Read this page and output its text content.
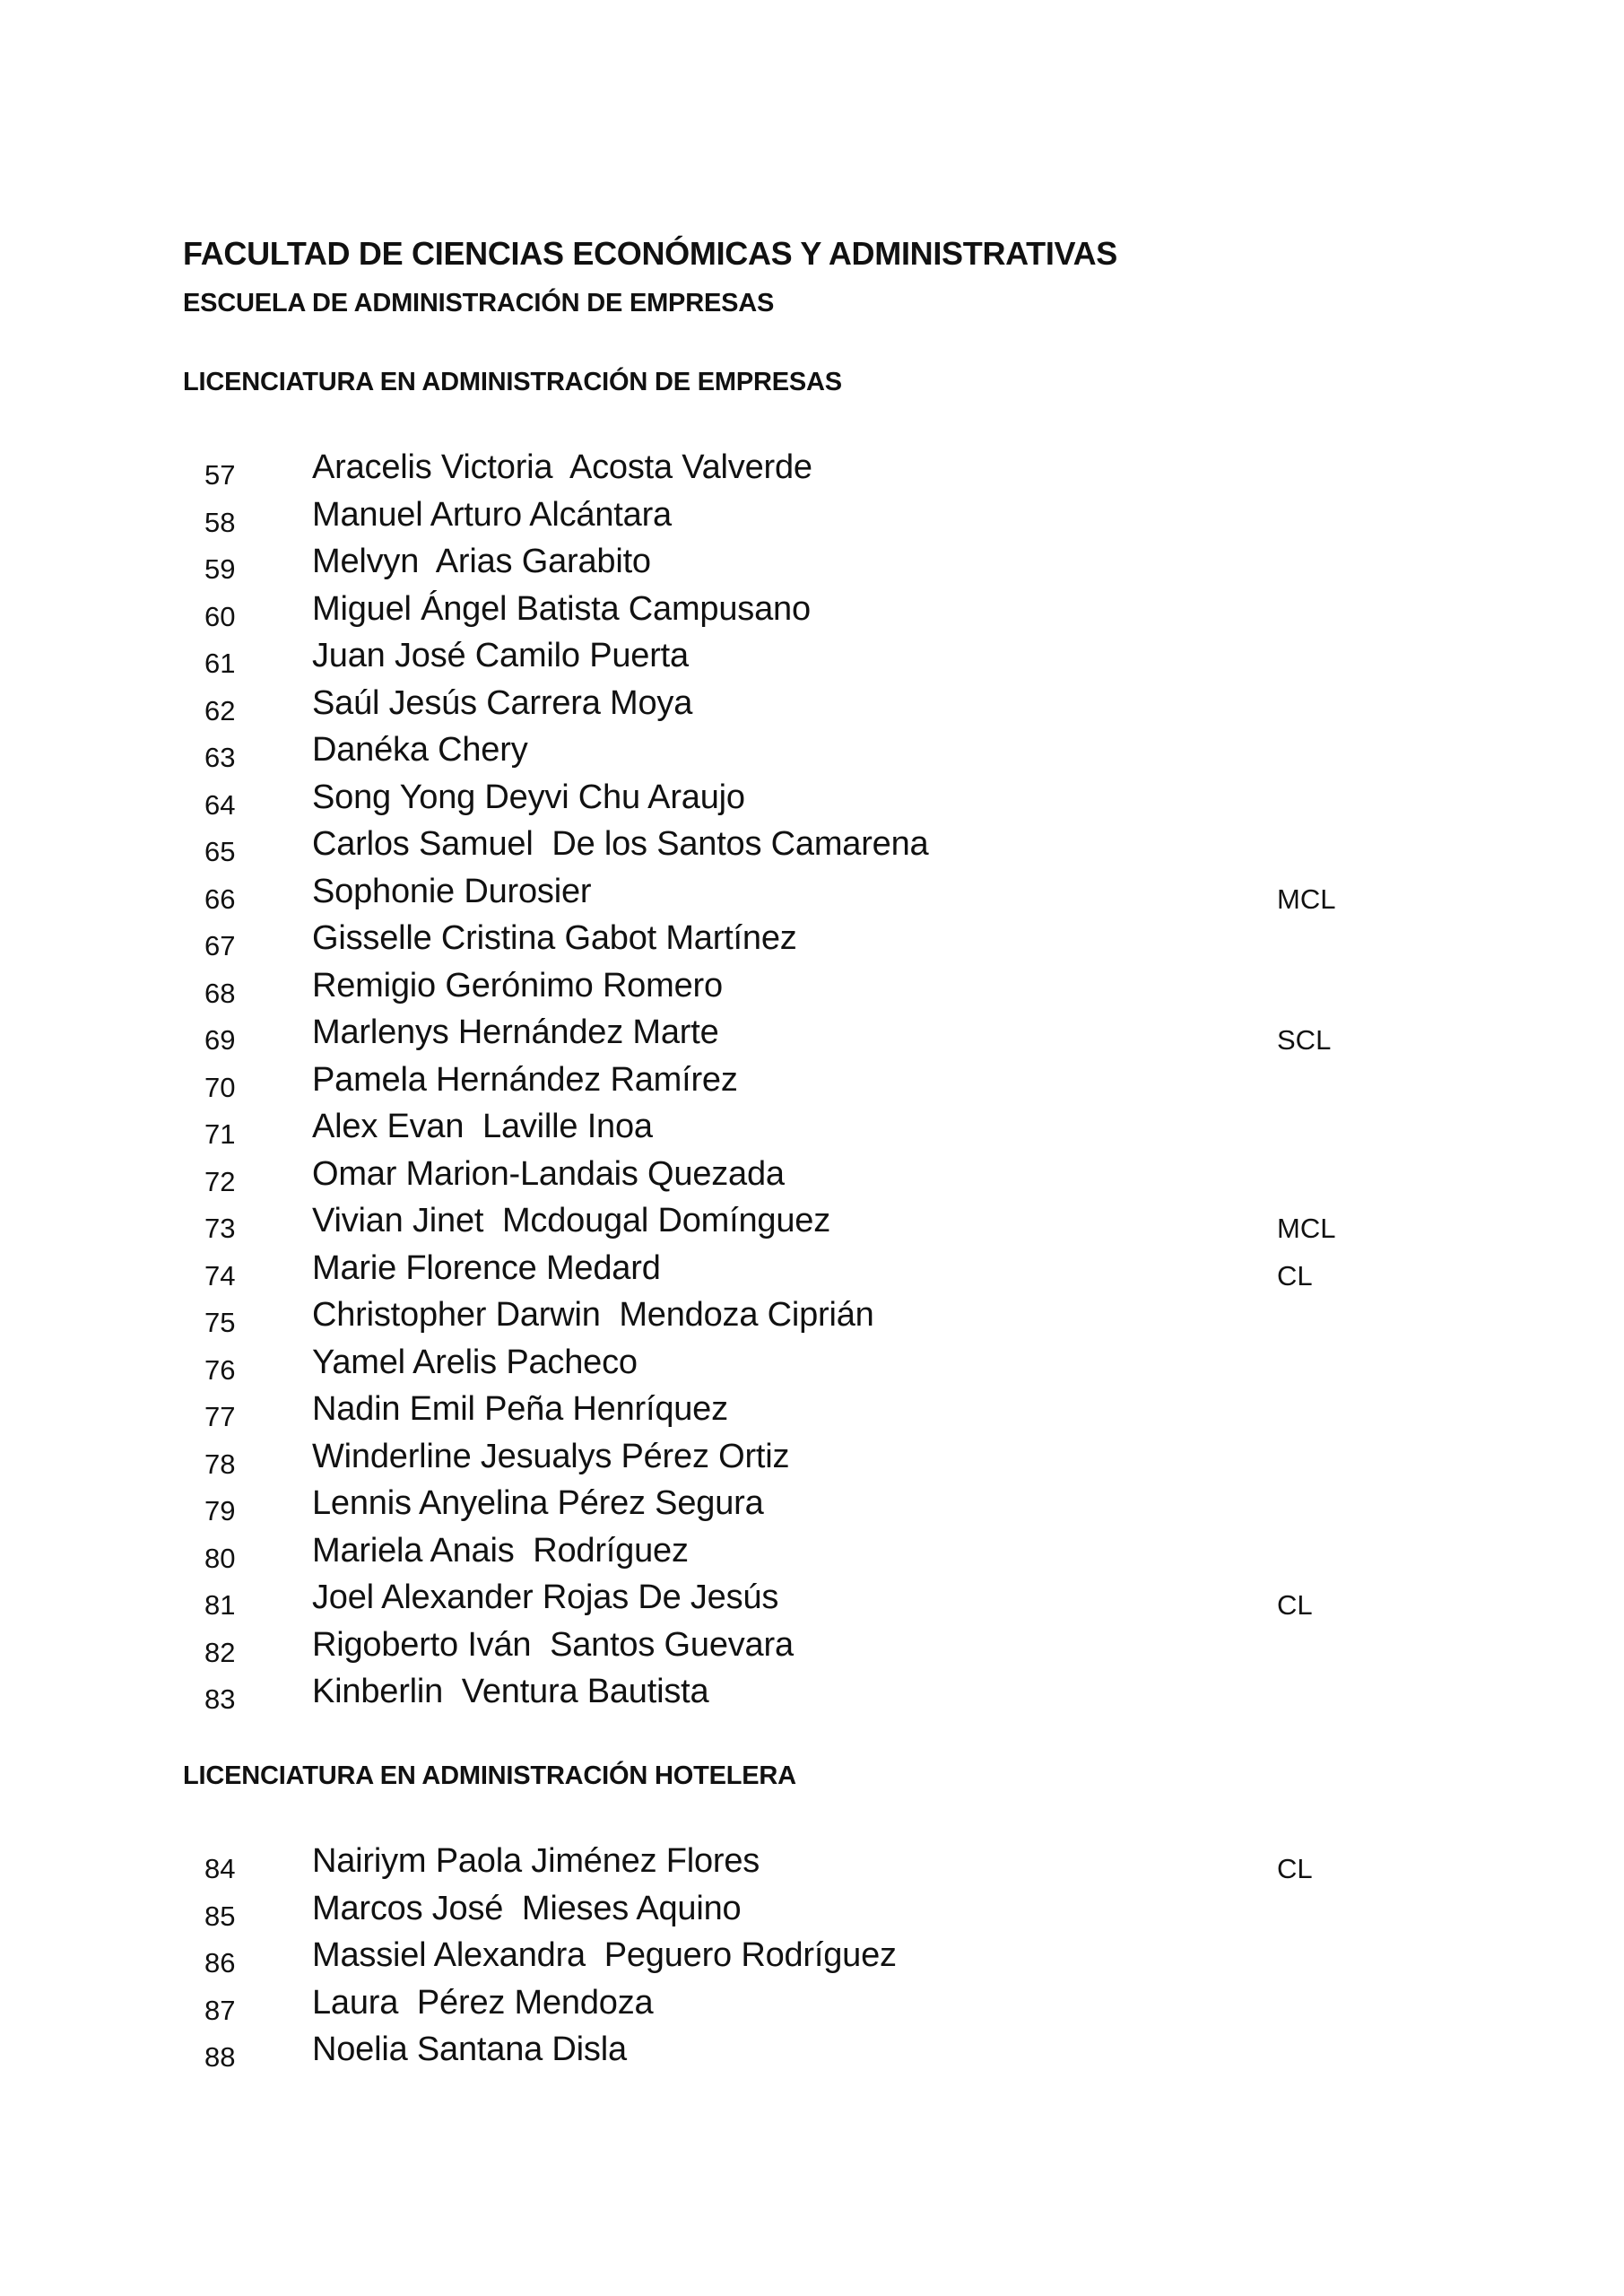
FACULTAD DE CIENCIAS ECONÓMICAS Y ADMINISTRATIVAS
ESCUELA DE ADMINISTRACIÓN DE EMPRESAS
LICENCIATURA EN ADMINISTRACIÓN DE EMPRESAS
57 Aracelis Victoria  Acosta Valverde
58 Manuel Arturo Alcántara
59 Melvyn  Arias Garabito
60 Miguel Ángel Batista Campusano
61 Juan José Camilo Puerta
62 Saúl Jesús Carrera Moya
63 Danéka Chery
64 Song Yong Deyvi Chu Araujo
65 Carlos Samuel  De los Santos Camarena
66 Sophonie Durosier	MCL
67 Gisselle Cristina Gabot Martínez
68 Remigio Gerónimo Romero
69 Marlenys Hernández Marte	SCL
70 Pamela Hernández Ramírez
71 Alex Evan  Laville Inoa
72 Omar Marion-Landais Quezada
73 Vivian Jinet  Mcdougal Domínguez	MCL
74 Marie Florence Medard	CL
75 Christopher Darwin  Mendoza Ciprián
76 Yamel Arelis Pacheco
77 Nadin Emil Peña Henríquez
78 Winderline Jesualys Pérez Ortiz
79 Lennis Anyelina Pérez Segura
80 Mariela Anais  Rodríguez
81 Joel Alexander Rojas De Jesús	CL
82 Rigoberto Iván  Santos Guevara
83 Kinberlin  Ventura Bautista
LICENCIATURA EN ADMINISTRACIÓN HOTELERA
84 Nairiym Paola Jiménez Flores	CL
85 Marcos José  Mieses Aquino
86 Massiel Alexandra  Peguero Rodríguez
87 Laura  Pérez Mendoza
88 Noelia Santana Disla
